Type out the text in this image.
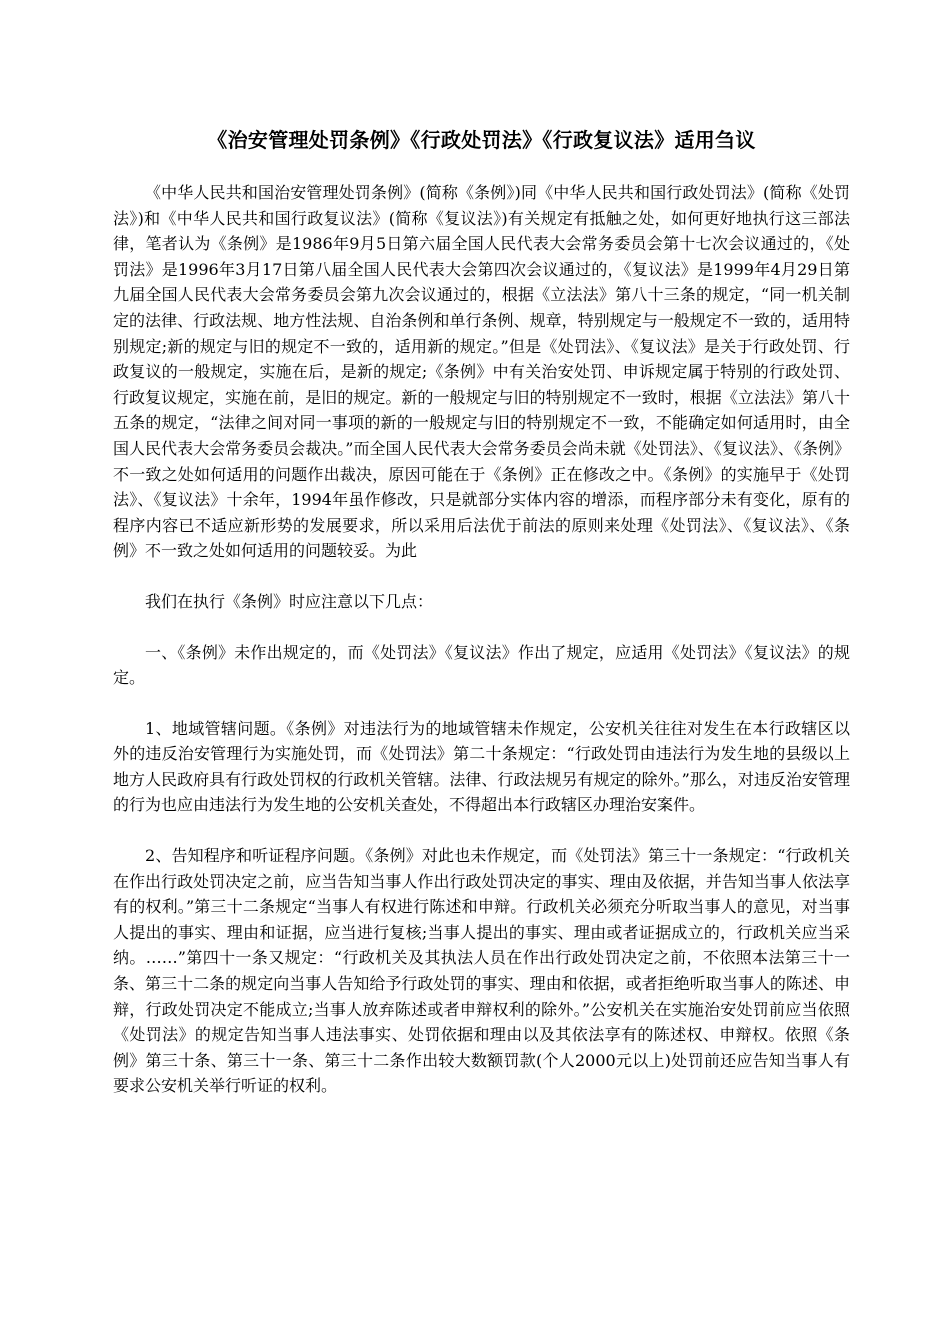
《治安管理处罚条例》《行政处罚法》《行政复议法》适用刍议

《中华人民共和国治安管理处罚条例》(简称《条例》)同《中华人民共和国行政处罚法》(简称《处罚法》)和《中华人民共和国行政复议法》(简称《复议法》)有关规定有抵触之处，如何更好地执行这三部法律，笔者认为《条例》是1986年9月5日第六届全国人民代表大会常务委员会第十七次会议通过的，《处罚法》是1996年3月17日第八届全国人民代表大会第四次会议通过的，《复议法》是1999年4月29日第九届全国人民代表大会常务委员会第九次会议通过的，根据《立法法》第八十三条的规定，“同一机关制定的法律、行政法规、地方性法规、自治条例和单行条例、规章，特别规定与一般规定不一致的，适用特别规定;新的规定与旧的规定不一致的，适用新的规定。”但是《处罚法》、《复议法》是关于行政处罚、行政复议的一般规定，实施在后，是新的规定;《条例》中有关治安处罚、申诉规定属于特别的行政处罚、行政复议规定，实施在前，是旧的规定。新的一般规定与旧的特别规定不一致时，根据《立法法》第八十五条的规定，“法律之间对同一事项的新的一般规定与旧的特别规定不一致，不能确定如何适用时，由全国人民代表大会常务委员会裁决。”而全国人民代表大会常务委员会尚未就《处罚法》、《复议法》、《条例》不一致之处如何适用的问题作出裁决，原因可能在于《条例》正在修改之中。《条例》的实施早于《处罚法》、《复议法》十余年，1994年虽作修改，只是就部分实体内容的增添，而程序部分未有变化，原有的程序内容已不适应新形势的发展要求，所以采用后法优于前法的原则来处理《处罚法》、《复议法》、《条例》不一致之处如何适用的问题较妥。为此

我们在执行《条例》时应注意以下几点：

一、《条例》未作出规定的，而《处罚法》《复议法》作出了规定，应适用《处罚法》《复议法》的规定。

1、地域管辖问题。《条例》对违法行为的地域管辖未作规定，公安机关往往对发生在本行政辖区以外的违反治安管理行为实施处罚，而《处罚法》第二十条规定：“行政处罚由违法行为发生地的县级以上地方人民政府具有行政处罚权的行政机关管辖。法律、行政法规另有规定的除外。”那么，对违反治安管理的行为也应由违法行为发生地的公安机关查处，不得超出本行政辖区办理治安案件。

2、告知程序和听证程序问题。《条例》对此也未作规定，而《处罚法》第三十一条规定：“行政机关在作出行政处罚决定之前，应当告知当事人作出行政处罚决定的事实、理由及依据，并告知当事人依法享有的权利。”第三十二条规定“当事人有权进行陈述和申辩。行政机关必须充分听取当事人的意见，对当事人提出的事实、理由和证据，应当进行复核;当事人提出的事实、理由或者证据成立的，行政机关应当采纳。……”第四十一条又规定：“行政机关及其执法人员在作出行政处罚决定之前，不依照本法第三十一条、第三十二条的规定向当事人告知给予行政处罚的事实、理由和依据，或者拒绝听取当事人的陈述、申辩，行政处罚决定不能成立;当事人放弃陈述或者申辩权利的除外。”公安机关在实施治安处罚前应当依照《处罚法》的规定告知当事人违法事实、处罚依据和理由以及其依法享有的陈述权、申辩权。依照《条例》第三十条、第三十一条、第三十二条作出较大数额罚款(个人2000元以上)处罚前还应告知当事人有要求公安机关举行听证的权利。
